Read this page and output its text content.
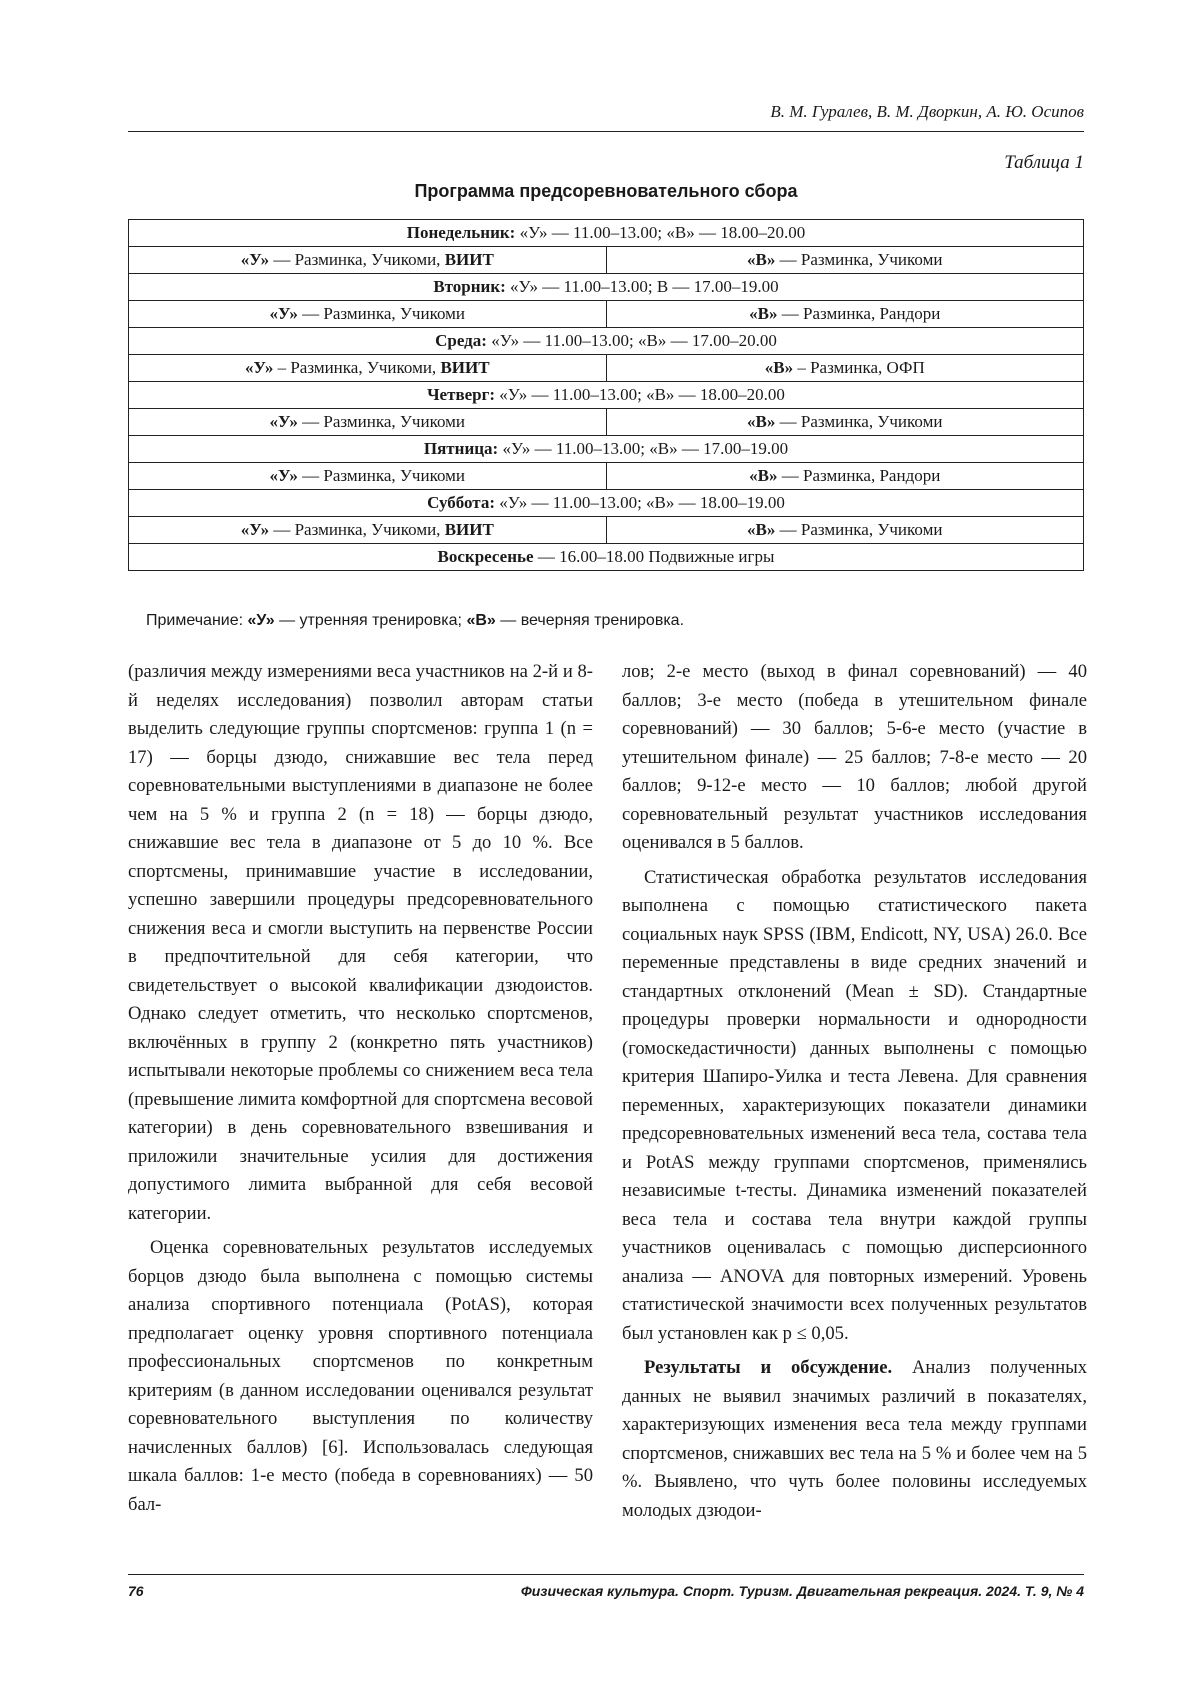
В. М. Гуралев, В. М. Дворкин, А. Ю. Осипов
Таблица 1
Программа предсоревновательного сбора
Понедельник: «У» — 11.00–13.00; «В» — 18.00–20.00	
«У» — Разминка, Учикоми, ВИИТ	«В» — Разминка, Учикоми
Вторник: «У» — 11.00–13.00; В — 17.00–19.00	
«У» — Разминка, Учикоми	«В» — Разминка, Рандори
Среда: «У» — 11.00–13.00; «В» — 17.00–20.00	
«У» – Разминка, Учикоми, ВИИТ	«В» – Разминка, ОФП
Четверг: «У» — 11.00–13.00; «В» — 18.00–20.00	
«У» — Разминка, Учикоми	«В» — Разминка, Учикоми
Пятница: «У» — 11.00–13.00; «В» — 17.00–19.00	
«У» — Разминка, Учикоми	«В» — Разминка, Рандори
Суббота: «У» — 11.00–13.00; «В» — 18.00–19.00	
«У» — Разминка, Учикоми, ВИИТ	«В» — Разминка, Учикоми
Воскресенье — 16.00–18.00 Подвижные игры	
Примечание: «У» — утренняя тренировка; «В» — вечерняя тренировка.

(различия между измерениями веса участников на 2-й и 8-й неделях исследования) позволил авторам статьи выделить следующие группы спортсменов: группа 1 (n = 17) — борцы дзюдо, снижавшие вес тела перед соревновательными выступлениями в диапазоне не более чем на 5 % и группа 2 (n = 18) — борцы дзюдо, снижавшие вес тела в диапазоне от 5 до 10 %. Все спортсмены, принимавшие участие в исследовании, успешно завершили процедуры предсоревновательного снижения веса и смогли выступить на первенстве России в предпочтительной для себя категории, что свидетельствует о высокой квалификации дзюдоистов. Однако следует отметить, что несколько спортсменов, включённых в группу 2 (конкретно пять участников) испытывали некоторые проблемы со снижением веса тела (превышение лимита комфортной для спортсмена весовой категории) в день соревновательного взвешивания и приложили значительные усилия для достижения допустимого лимита выбранной для себя весовой категории.

Оценка соревновательных результатов исследуемых борцов дзюдо была выполнена с помощью системы анализа спортивного потенциала (PotAS), которая предполагает оценку уровня спортивного потенциала профессиональных спортсменов по конкретным критериям (в данном исследовании оценивался результат соревновательного выступления по количеству начисленных баллов) [6]. Использовалась следующая шкала баллов: 1-е место (победа в соревнованиях) — 50 бал-

лов; 2-е место (выход в финал соревнований) — 40 баллов; 3-е место (победа в утешительном финале соревнований) — 30 баллов; 5-6-е место (участие в утешительном финале) — 25 баллов; 7-8-е место — 20 баллов; 9-12-е место — 10 баллов; любой другой соревновательный результат участников исследования оценивался в 5 баллов.

Статистическая обработка результатов исследования выполнена с помощью статистического пакета социальных наук SPSS (IBM, Endicott, NY, USA) 26.0. Все переменные представлены в виде средних значений и стандартных отклонений (Mean ± SD). Стандартные процедуры проверки нормальности и однородности (гомоскедастичности) данных выполнены с помощью критерия Шапиро-Уилка и теста Левена. Для сравнения переменных, характеризующих показатели динамики предсоревновательных изменений веса тела, состава тела и PotAS между группами спортсменов, применялись независимые t-тесты. Динамика изменений показателей веса тела и состава тела внутри каждой группы участников оценивалась с помощью дисперсионного анализа — ANOVA для повторных измерений. Уровень статистической значимости всех полученных результатов был установлен как p ≤ 0,05.

Результаты и обсуждение. Анализ полученных данных не выявил значимых различий в показателях, характеризующих изменения веса тела между группами спортсменов, снижавших вес тела на 5 % и более чем на 5 %. Выявлено, что чуть более половины исследуемых молодых дзюдои-

76	Физическая культура. Спорт. Туризм. Двигательная рекреация. 2024. Т. 9, № 4
